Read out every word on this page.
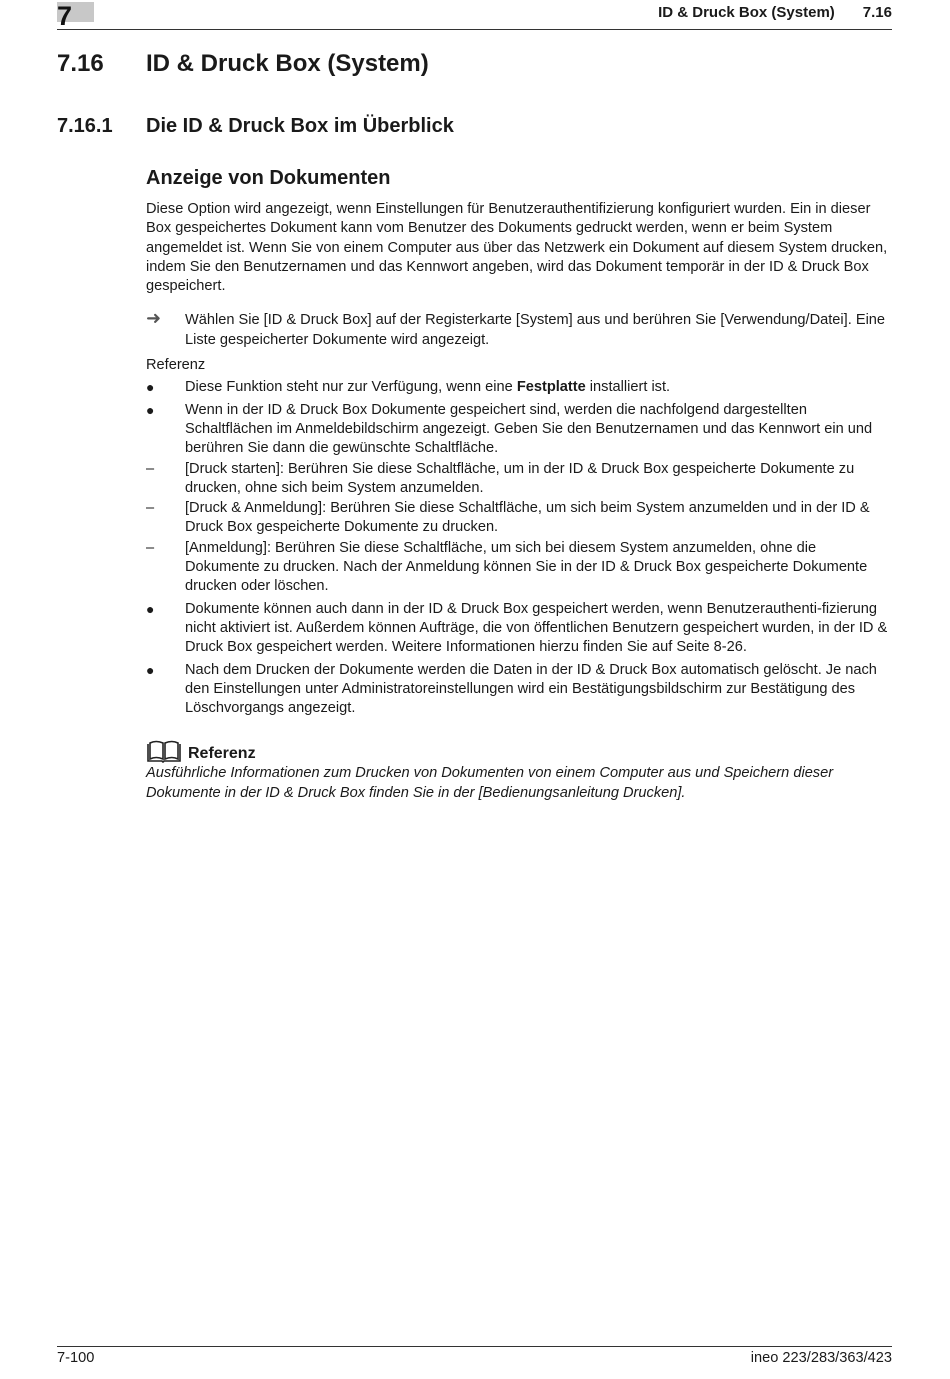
7	ID & Druck Box (System) 7.16
7.16 ID & Druck Box (System)
7.16.1 Die ID & Druck Box im Überblick
Anzeige von Dokumenten

Diese Option wird angezeigt, wenn Einstellungen für Benutzerauthentifizierung konfiguriert wurden. Ein in dieser Box gespeichertes Dokument kann vom Benutzer des Dokuments gedruckt werden, wenn er beim System angemeldet ist. Wenn Sie von einem Computer aus über das Netzwerk ein Dokument auf diesem System drucken, indem Sie den Benutzernamen und das Kennwort angeben, wird das Dokument temporär in der ID & Druck Box gespeichert.

➜ Wählen Sie [ID & Druck Box] auf der Registerkarte [System] aus und berühren Sie [Verwendung/Datei]. Eine Liste gespeicherter Dokumente wird angezeigt.
Referenz
● Diese Funktion steht nur zur Verfügung, wenn eine Festplatte installiert ist.
● Wenn in der ID & Druck Box Dokumente gespeichert sind, werden die nachfolgend dargestellten Schaltflächen im Anmeldebildschirm angezeigt. Geben Sie den Benutzernamen und das Kennwort ein und berühren Sie dann die gewünschte Schaltfläche.
– [Druck starten]: Berühren Sie diese Schaltfläche, um in der ID & Druck Box gespeicherte Dokumente zu drucken, ohne sich beim System anzumelden.
– [Druck & Anmeldung]: Berühren Sie diese Schaltfläche, um sich beim System anzumelden und in der ID & Druck Box gespeicherte Dokumente zu drucken.
– [Anmeldung]: Berühren Sie diese Schaltfläche, um sich bei diesem System anzumelden, ohne die Dokumente zu drucken. Nach der Anmeldung können Sie in der ID & Druck Box gespeicherte Dokumente drucken oder löschen.
● Dokumente können auch dann in der ID & Druck Box gespeichert werden, wenn Benutzerauthenti-fizierung nicht aktiviert ist. Außerdem können Aufträge, die von öffentlichen Benutzern gespeichert wurden, in der ID & Druck Box gespeichert werden. Weitere Informationen hierzu finden Sie auf Seite 8-26.
● Nach dem Drucken der Dokumente werden die Daten in der ID & Druck Box automatisch gelöscht. Je nach den Einstellungen unter Administratoreinstellungen wird ein Bestätigungsbildschirm zur Bestätigung des Löschvorgangs angezeigt.
Referenz

Ausführliche Informationen zum Drucken von Dokumenten von einem Computer aus und Speichern dieser Dokumente in der ID & Druck Box finden Sie in der [Bedienungsanleitung Drucken].

7-100	ineo 223/283/363/423
